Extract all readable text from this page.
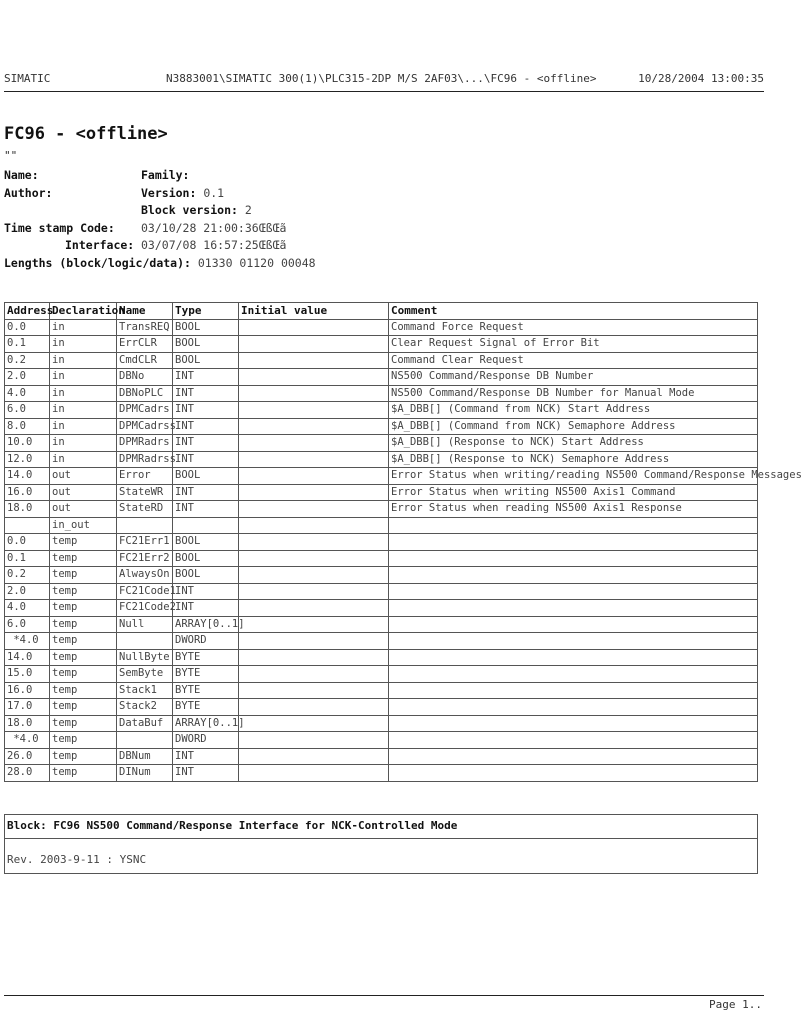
SIMATIC	N3883001\SIMATIC 300(1)\PLC315-2DP M/S 2AF03\...\FC96 - <offline>	10/28/2004 13:00:35
FC96 - <offline>
""
Name:	Family:
Author:	Version: 0.1
Block version: 2
Time stamp Code: 03/10/28 21:00:36ŒßŒã
Interface: 03/07/08 16:57:25ŒßŒã
Lengths (block/logic/data): 01330 01120 00048
Address	Declaration	Name	Type	Initial value	Comment
0.0	in	TransREQ	BOOL		Command Force Request
0.1	in	ErrCLR	BOOL		Clear Request Signal of Error Bit
0.2	in	CmdCLR	BOOL		Command Clear Request
2.0	in	DBNo	INT		NS500 Command/Response DB Number
4.0	in	DBNoPLC	INT		NS500 Command/Response DB Number for Manual Mode
6.0	in	DPMCadrs	INT		$A_DBB[] (Command from NCK) Start Address
8.0	in	DPMCadrss	INT		$A_DBB[] (Command from NCK) Semaphore Address
10.0	in	DPMRadrs	INT		$A_DBB[] (Response to NCK) Start Address
12.0	in	DPMRadrss	INT		$A_DBB[] (Response to NCK) Semaphore Address
14.0	out	Error	BOOL		Error Status when writing/reading NS500 Command/Response Messages
16.0	out	StateWR	INT		Error Status when writing NS500 Axis1 Command
18.0	out	StateRD	INT		Error Status when reading NS500 Axis1 Response
	in_out				
0.0	temp	FC21Err1	BOOL		
0.1	temp	FC21Err2	BOOL		
0.2	temp	AlwaysOn	BOOL		
2.0	temp	FC21Code1	INT		
4.0	temp	FC21Code2	INT		
6.0	temp	Null	ARRAY[0..1]		
*4.0	temp		DWORD		
14.0	temp	NullByte	BYTE		
15.0	temp	SemByte	BYTE		
16.0	temp	Stack1	BYTE		
17.0	temp	Stack2	BYTE		
18.0	temp	DataBuf	ARRAY[0..1]		
*4.0	temp		DWORD		
26.0	temp	DBNum	INT		
28.0	temp	DINum	INT		
Block: FC96 NS500 Command/Response Interface for NCK-Controlled Mode
Rev. 2003-9-11 : YSNC
Page 1..
